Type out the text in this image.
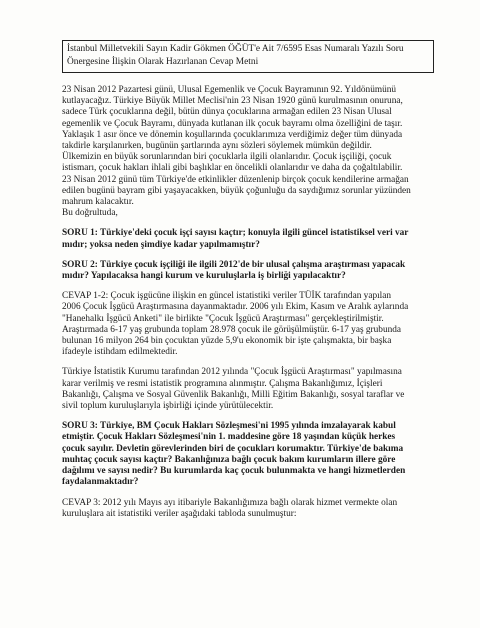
İstanbul Milletvekili Sayın Kadir Gökmen ÖĞÜT'e Ait 7/6595 Esas Numaralı Yazılı Soru
Önergesine İlişkin Olarak Hazırlanan Cevap Metni
23 Nisan 2012 Pazartesi günü, Ulusal Egemenlik ve Çocuk Bayramının 92. Yıldönümünü
kutlayacağız. Türkiye Büyük Millet Meclisi'nin 23 Nisan 1920 günü kurulmasının onuruna,
sadece Türk çocuklarına değil, bütün dünya çocuklarına armağan edilen 23 Nisan Ulusal
egemenlik ve Çocuk Bayramı, dünyada kutlanan ilk çocuk bayramı olma özelliğini de taşır.
Yaklaşık 1 asır önce ve dönemin koşullarında çocuklarımıza verdiğimiz değer tüm dünyada
takdirle karşılanırken, bugünün şartlarında aynı sözleri söylemek mümkün değildir.
Ülkemizin en büyük sorunlarından biri çocuklarla ilgili olanlarıdır. Çocuk işçiliği, çocuk
istismarı, çocuk hakları ihlali gibi başlıklar en öncelikli olanlarıdır ve daha da çoğaltılabilir.
23 Nisan 2012 günü tüm Türkiye'de etkinlikler düzenlenip birçok çocuk kendilerine armağan
edilen bugünü bayram gibi yaşayacakken, büyük çoğunluğu da saydığımız sorunlar yüzünden
mahrum kalacaktır.
Bu doğrultuda,
SORU 1: Türkiye'deki çocuk işçi sayısı kaçtır; konuyla ilgili güncel istatistiksel veri var
mıdır; yoksa neden şimdiye kadar yapılmamıştır?
SORU 2: Türkiye çocuk işçiliği ile ilgili 2012'de bir ulusal çalışma araştırması yapacak
mıdır? Yapılacaksa hangi kurum ve kuruluşlarla iş birliği yapılacaktır?
CEVAP 1-2: Çocuk işgücüne ilişkin en güncel istatistiki veriler TÜİK tarafından yapılan
2006 Çocuk İşgücü Araştırmasına dayanmaktadır. 2006 yılı Ekim, Kasım ve Aralık aylarında
"Hanehalkı İşgücü Anketi" ile birlikte "Çocuk İşgücü Araştırması" gerçekleştirilmiştir.
Araştırmada 6-17 yaş grubunda toplam 28.978 çocuk ile görüşülmüştür. 6-17 yaş grubunda
bulunan 16 milyon 264 bin çocuktan yüzde 5,9'u ekonomik bir işte çalışmakta, bir başka
ifadeyle istihdam edilmektedir.
Türkiye İstatistik Kurumu tarafından 2012 yılında "Çocuk İşgücü Araştırması" yapılmasına
karar verilmiş ve resmi istatistik programına alınmıştır. Çalışma Bakanlığımız, İçişleri
Bakanlığı, Çalışma ve Sosyal Güvenlik Bakanlığı, Milli Eğitim Bakanlığı, sosyal taraflar ve
sivil toplum kuruluşlarıyla işbirliği içinde yürütülecektir.
SORU 3: Türkiye, BM Çocuk Hakları Sözleşmesi'ni 1995 yılında imzalayarak kabul
etmiştir. Çocuk Hakları Sözleşmesi'nin 1. maddesine göre 18 yaşından küçük herkes
çocuk sayılır. Devletin görevlerinden biri de çocukları korumaktır. Türkiye'de bakıma
muhtaç çocuk sayısı kaçtır? Bakanlığınıza bağlı çocuk bakım kurumların illere göre
dağılımı ve sayısı nedir? Bu kurumlarda kaç çocuk bulunmakta ve hangi hizmetlerden
faydalanmaktadır?
CEVAP 3: 2012 yılı Mayıs ayı itibariyle Bakanlığımıza bağlı olarak hizmet vermekte olan
kuruluşlara ait istatistiki veriler aşağıdaki tabloda sunulmuştur:
